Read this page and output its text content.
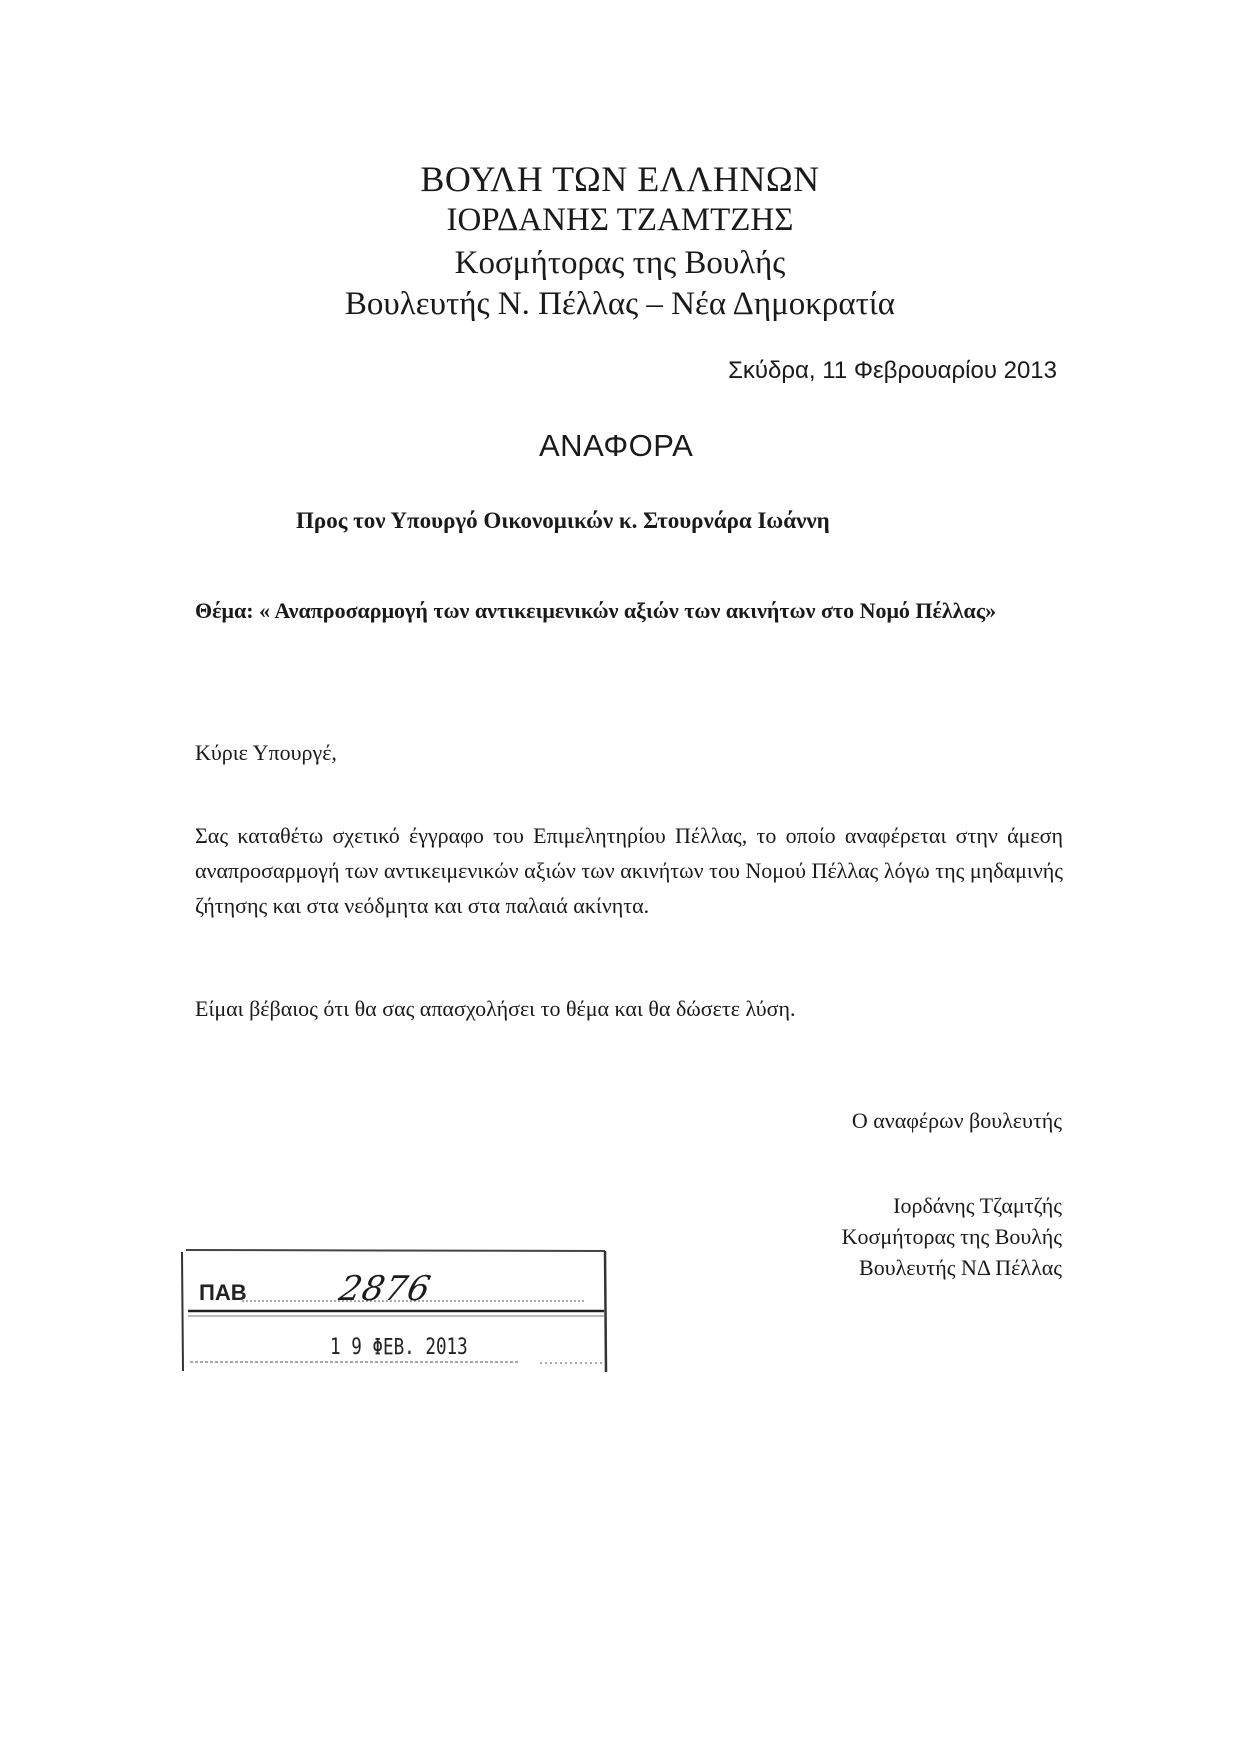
ΒΟΥΛΗ ΤΩΝ ΕΛΛΗΝΩΝ
ΙΟΡΔΑΝΗΣ ΤΖΑΜΤΖΗΣ
Κοσμήτορας της Βουλής
Βουλευτής Ν. Πέλλας – Νέα Δημοκρατία
Σκύδρα, 11 Φεβρουαρίου 2013
ΑΝΑΦΟΡΑ
Προς τον Υπουργό Οικονομικών κ. Στουρνάρα Ιωάννη
Θέμα: « Αναπροσαρμογή των αντικειμενικών αξιών των ακινήτων στο Νομό Πέλλας»
Κύριε Υπουργέ,
Σας καταθέτω σχετικό έγγραφο του Επιμελητηρίου Πέλλας, το οποίο αναφέρεται στην άμεση αναπροσαρμογή των αντικειμενικών αξιών των ακινήτων του Νομού Πέλλας λόγω της μηδαμινής ζήτησης και στα νεόδμητα και στα παλαιά ακίνητα.
Είμαι βέβαιος ότι θα σας απασχολήσει το θέμα και θα δώσετε λύση.
Ο αναφέρων βουλευτής
Ιορδάνης Τζαμτζής
Κοσμήτορας της Βουλής
Βουλευτής ΝΔ Πέλλας
ΠΑΒ	2876
1 9 ΦΕΒ. 2013
